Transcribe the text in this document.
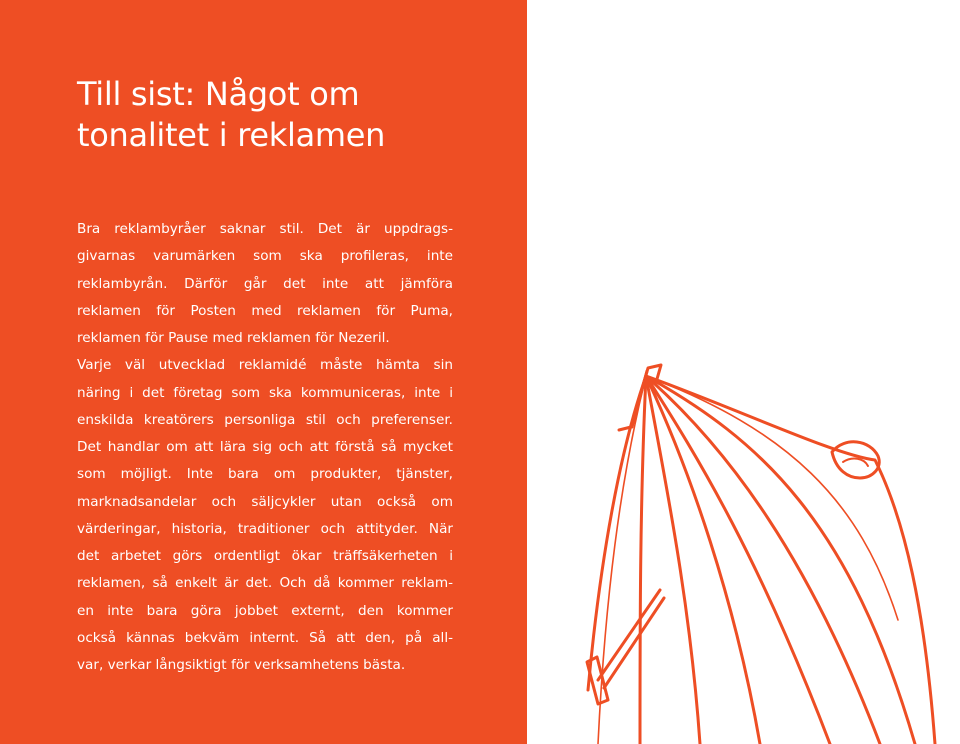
Till sist: Något om
tonalitet i reklamen

Bra reklambyråer saknar stil. Det är uppdrags-
givarnas varumärken som ska profileras, inte
reklambyrån. Därför går det inte att jämföra
reklamen för Posten med reklamen för Puma,
reklamen för Pause med reklamen för Nezeril.
Varje väl utvecklad reklamidé måste hämta sin
näring i det företag som ska kommuniceras, inte i
enskilda kreatörers personliga stil och preferenser.
Det handlar om att lära sig och att förstå så mycket
som möjligt. Inte bara om produkter, tjänster,
marknadsandelar och säljcykler utan också om
värderingar, historia, traditioner och attityder. När
det arbetet görs ordentligt ökar träffsäkerheten i
reklamen, så enkelt är det. Och då kommer reklam-
en inte bara göra jobbet externt, den kommer
också kännas bekväm internt. Så att den, på all-
var, verkar långsiktigt för verksamhetens bästa.
